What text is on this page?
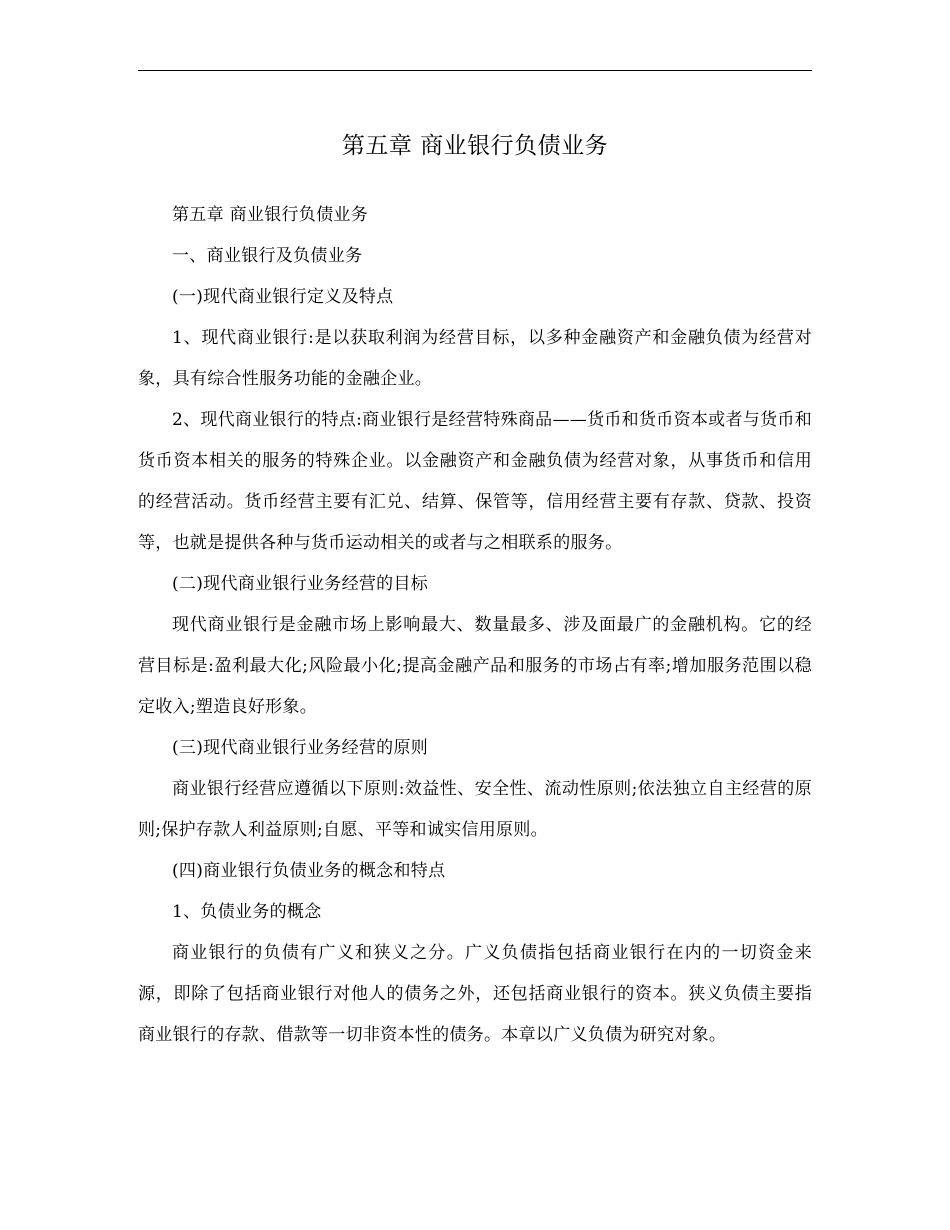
第五章 商业银行负债业务

第五章 商业银行负债业务

一、商业银行及负债业务

(一)现代商业银行定义及特点

1、现代商业银行:是以获取利润为经营目标，以多种金融资产和金融负债为经营对象，具有综合性服务功能的金融企业。

2、现代商业银行的特点:商业银行是经营特殊商品——货币和货币资本或者与货币和货币资本相关的服务的特殊企业。以金融资产和金融负债为经营对象，从事货币和信用的经营活动。货币经营主要有汇兑、结算、保管等，信用经营主要有存款、贷款、投资等，也就是提供各种与货币运动相关的或者与之相联系的服务。

(二)现代商业银行业务经营的目标

现代商业银行是金融市场上影响最大、数量最多、涉及面最广的金融机构。它的经营目标是:盈利最大化;风险最小化;提高金融产品和服务的市场占有率;增加服务范围以稳定收入;塑造良好形象。

(三)现代商业银行业务经营的原则

商业银行经营应遵循以下原则:效益性、安全性、流动性原则;依法独立自主经营的原则;保护存款人利益原则;自愿、平等和诚实信用原则。

(四)商业银行负债业务的概念和特点

1、负债业务的概念

商业银行的负债有广义和狭义之分。广义负债指包括商业银行在内的一切资金来源，即除了包括商业银行对他人的债务之外，还包括商业银行的资本。狭义负债主要指商业银行的存款、借款等一切非资本性的债务。本章以广义负债为研究对象。
